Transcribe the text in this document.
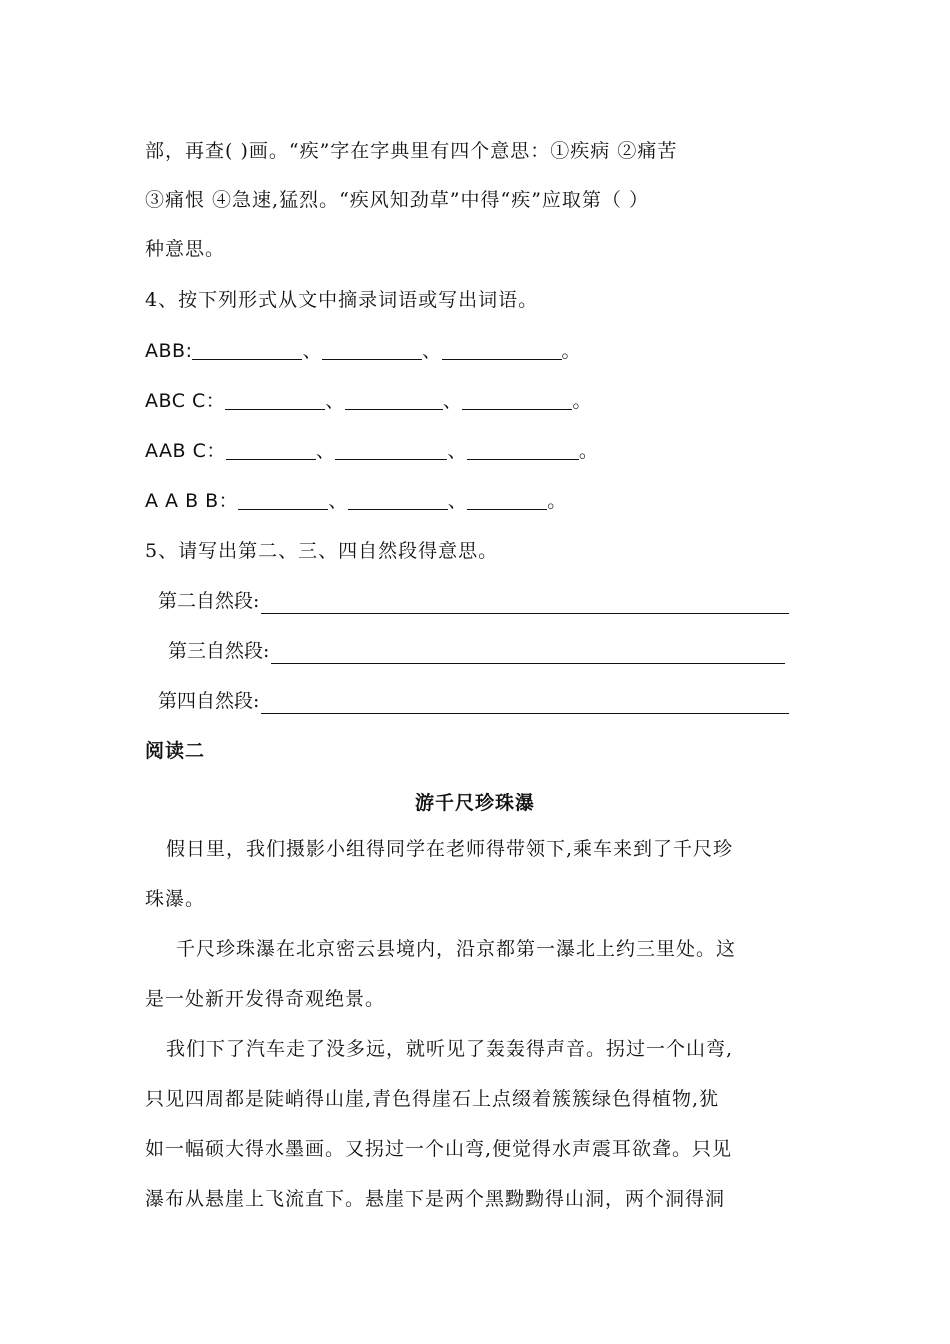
部，再查( )画。“疾”字在字典里有四个意思：①疾病 ②痛苦
③痛恨 ④急速,猛烈。“疾风知劲草”中得“疾”应取第（ ）
种意思。
4、按下列形式从文中摘录词语或写出词语。
ABB:	、	、	。
ABC C：	、	、	。
AAB C：	、	、	。
A A B B：	、	、	。
5、请写出第二、三、四自然段得意思。
第二自然段:
第三自然段:
第四自然段:
阅读二
游千尺珍珠瀑
假日里，我们摄影小组得同学在老师得带领下,乘车来到了千尺珍
珠瀑。
千尺珍珠瀑在北京密云县境内，沿京都第一瀑北上约三里处。这
是一处新开发得奇观绝景。
我们下了汽车走了没多远，就听见了轰轰得声音。拐过一个山弯,
只见四周都是陡峭得山崖,青色得崖石上点缀着簇簇绿色得植物,犹
如一幅硕大得水墨画。又拐过一个山弯,便觉得水声震耳欲聋。只见
瀑布从悬崖上飞流直下。悬崖下是两个黑黝黝得山洞，两个洞得洞
